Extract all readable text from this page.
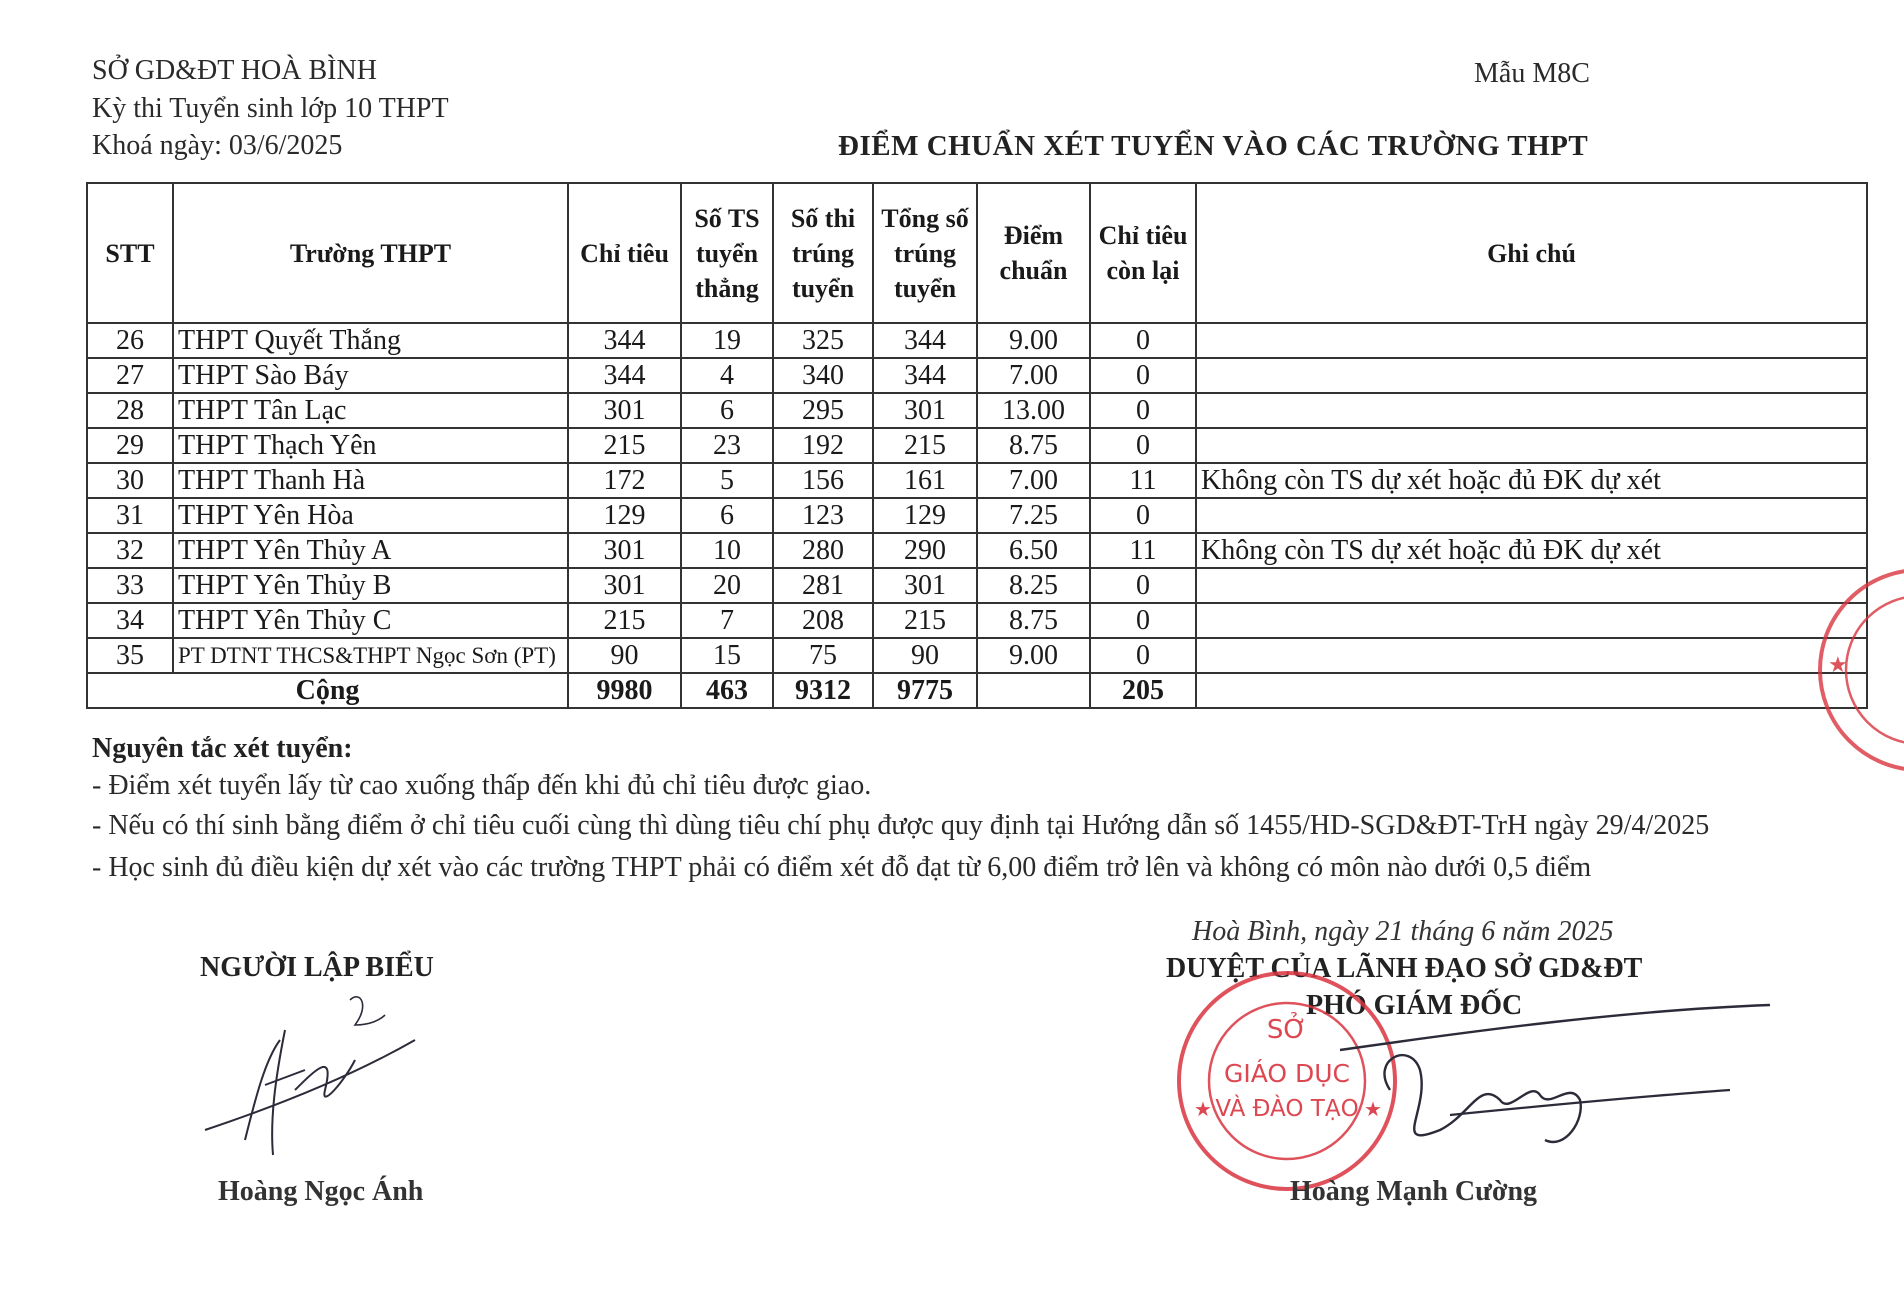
SỞ GD&ĐT HOÀ BÌNH
Kỳ thi Tuyển sinh lớp 10 THPT
Khoá ngày: 03/6/2025
Mẫu M8C
ĐIỂM CHUẨN XÉT TUYỂN VÀO CÁC TRƯỜNG THPT
STT	Trường THPT	Chỉ tiêu	Số TS tuyển thẳng	Số thi trúng tuyển	Tổng số trúng tuyển	Điểm chuẩn	Chỉ tiêu còn lại	Ghi chú
26	THPT Quyết Thắng	344	19	325	344	9.00	0	
27	THPT Sào Báy	344	4	340	344	7.00	0	
28	THPT Tân Lạc	301	6	295	301	13.00	0	
29	THPT Thạch Yên	215	23	192	215	8.75	0	
30	THPT Thanh Hà	172	5	156	161	7.00	11	Không còn TS dự xét hoặc đủ ĐK dự xét
31	THPT Yên Hòa	129	6	123	129	7.25	0	
32	THPT Yên Thủy A	301	10	280	290	6.50	11	Không còn TS dự xét hoặc đủ ĐK dự xét
33	THPT Yên Thủy B	301	20	281	301	8.25	0	
34	THPT Yên Thủy C	215	7	208	215	8.75	0	
35	PT DTNT THCS&THPT Ngọc Sơn (PT)	90	15	75	90	9.00	0	
Cộng		9980	463	9312	9775		205	
Nguyên tắc xét tuyển:
- Điểm xét tuyển lấy từ cao xuống thấp đến khi đủ chỉ tiêu được giao.
- Nếu có thí sinh bằng điểm ở chỉ tiêu cuối cùng thì dùng tiêu chí phụ được quy định tại Hướng dẫn số 1455/HD-SGD&ĐT-TrH ngày 29/4/2025
- Học sinh đủ điều kiện dự xét vào các trường THPT phải có điểm xét đỗ đạt từ 6,00 điểm trở lên và không có môn nào dưới 0,5 điểm
NGƯỜI LẬP BIỂU
Hoàng Ngọc Ánh
Hoà Bình, ngày 21 tháng 6 năm 2025
DUYỆT CỦA LÃNH ĐẠO SỞ GD&ĐT
PHÓ GIÁM ĐỐC
SỞ
GIÁO DỤC
VÀ ĐÀO TẠO
★	★
Hoàng Mạnh Cường
★
